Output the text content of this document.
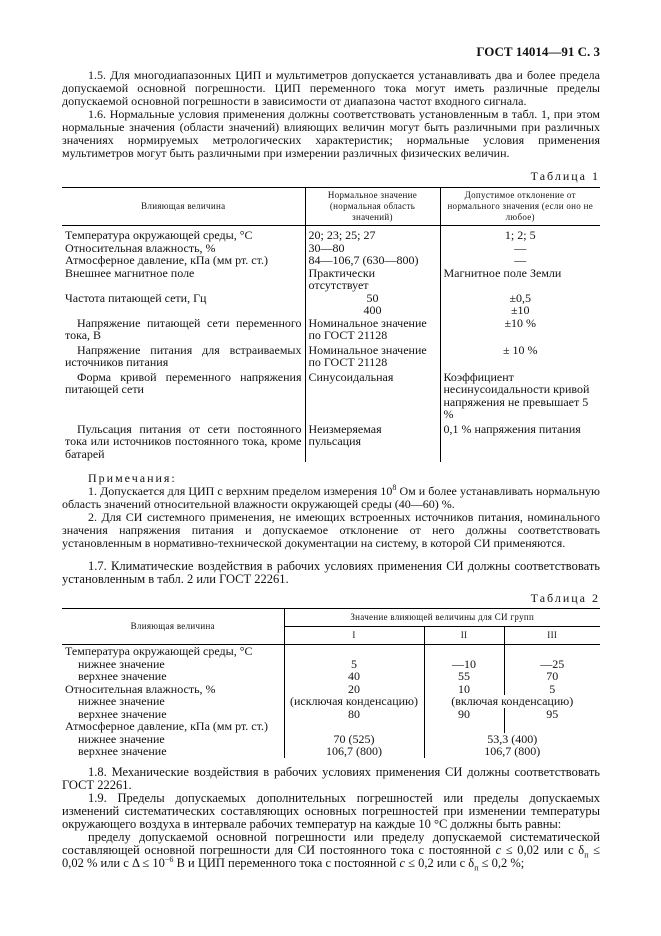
ГОСТ 14014—91 С. 3

1.5. Для многодиапазонных ЦИП и мультиметров допускается устанавливать два и более предела допускаемой основной погрешности. ЦИП переменного тока могут иметь различные пределы допускаемой основной погрешности в зависимости от диапазона частот входного сигнала.

1.6. Нормальные условия применения должны соответствовать установленным в табл. 1, при этом нормальные значения (области значений) влияющих величин могут быть различными при различных значениях нормируемых метрологических характеристик; нормальные условия применения мультиметров могут быть различными при измерении различных физических величин.

Таблица 1
Влияющая величина	Нормальное значение (нормальная область значений)	Допустимое отклонение от нормального значения (если оно не любое)
Температура окружающей среды, °С	20; 23; 25; 27	1; 2; 5
Относительная влажность, %	30—80	—
Атмосферное давление, кПа (мм рт. ст.)	84—106,7 (630—800)	—
Внешнее магнитное поле	Практически отсутствует	Магнитное поле Земли
Частота питающей сети, Гц	50	±0,5
	400	±10
Напряжение питающей сети переменного тока, В	Номинальное значение по ГОСТ 21128	±10 %
Напряжение питания для встраиваемых источников питания	Номинальное значение по ГОСТ 21128	± 10 %
Форма кривой переменного напряжения питающей сети	Синусоидальная	Коэффициент несинусоидальности кривой напряжения не превышает 5 %
Пульсация питания от сети постоянного тока или источников постоянного тока, кроме батарей	Неизмеряемая пульсация	0,1 % напряжения питания

Примечания:

1. Допускается для ЦИП с верхним пределом измерения $10^8$ Ом и более устанавливать нормальную область значений относительной влажности окружающей среды (40—60) %.

2. Для СИ системного применения, не имеющих встроенных источников питания, номинального значения напряжения питания и допускаемое отклонение от него должны соответствовать установленным в нормативно-технической документации на систему, в которой СИ применяются.

1.7. Климатические воздействия в рабочих условиях применения СИ должны соответствовать установленным в табл. 2 или ГОСТ 22261.

Таблица 2
Влияющая величина	Значение влияющей величины для СИ групп		
	I	II	III
Температура окружающей среды, °С			
нижнее значение	5	—10	—25
верхнее значение	40	55	70
Относительная влажность, %	20	10	5
нижнее значение	(исключая конденсацию)	(включая конденсацию)	
верхнее значение	80	90	95
Атмосферное давление, кПа (мм рт. ст.)			
нижнее значение	70 (525)	53,3 (400)	
верхнее значение	106,7 (800)	106,7 (800)	

1.8. Механические воздействия в рабочих условиях применения СИ должны соответствовать ГОСТ 22261.

1.9. Пределы допускаемых дополнительных погрешностей или пределы допускаемых изменений систематических составляющих основных погрешностей при изменении температуры окружающего воздуха в интервале рабочих температур на каждые 10 °С должны быть равны:

пределу допускаемой основной погрешности или пределу допускаемой систематической составляющей основной погрешности для СИ постоянного тока с постоянной c ≤ 0,02 или с $\delta_п \le 0,02$ % или с $\Delta \le 10^{-6}$ В и ЦИП переменного тока с постоянной c ≤ 0,2 или с $\delta_п \le 0,2$ %;
